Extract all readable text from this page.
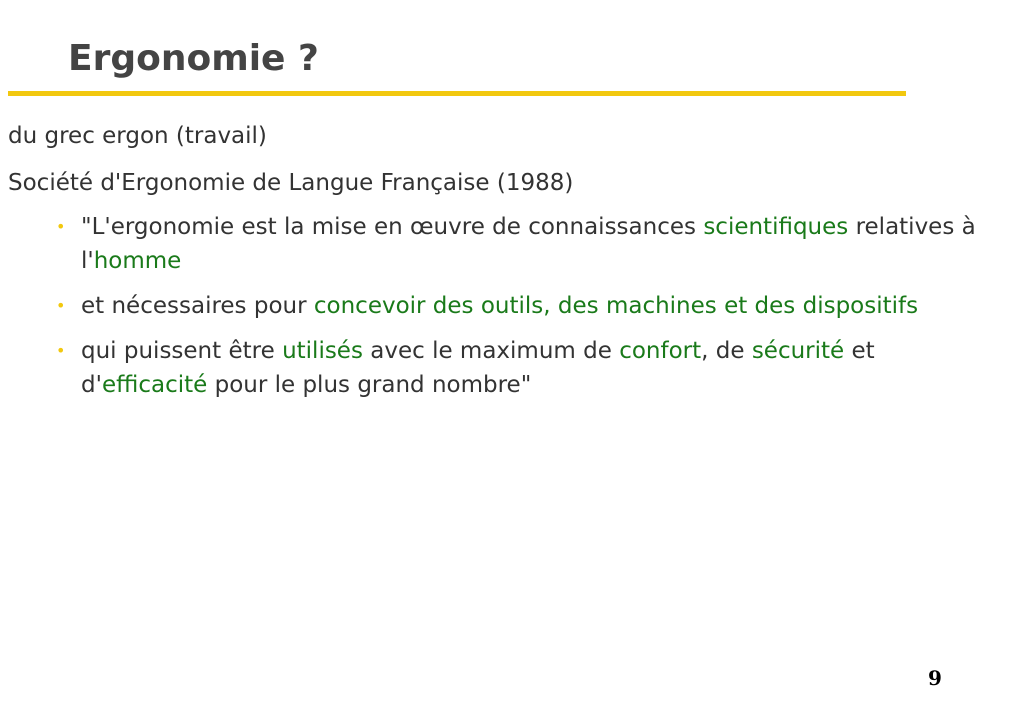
Ergonomie ?

du grec ergon (travail)

Société d'Ergonomie de Langue Française (1988)

• "L'ergonomie est la mise en œuvre de connaissances scientifiques relatives à l'homme
• et nécessaires pour concevoir des outils, des machines et des dispositifs
• qui puissent être utilisés avec le maximum de confort, de sécurité et d'efficacité pour le plus grand nombre"
9
